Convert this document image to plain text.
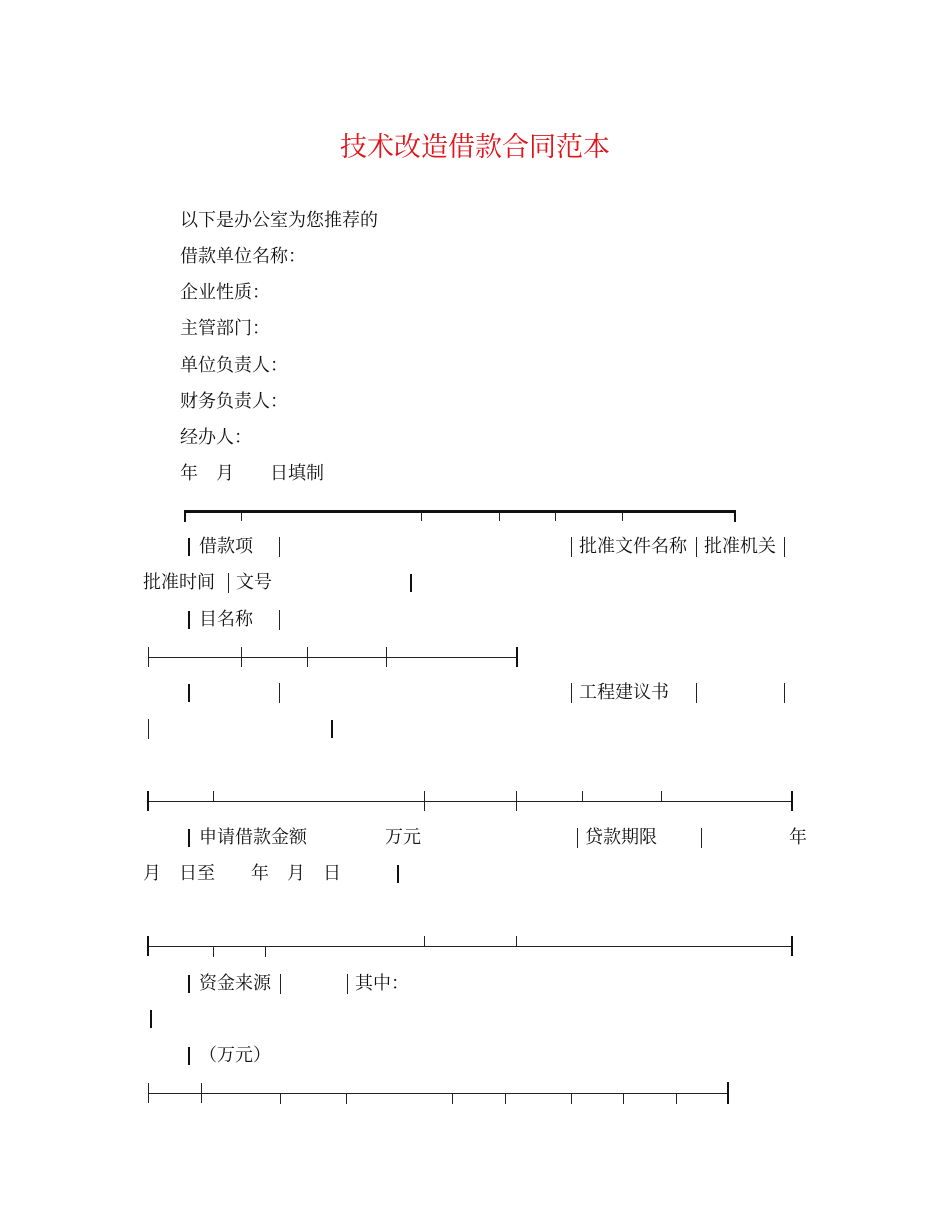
技术改造借款合同范本
以下是办公室为您推荐的
借款单位名称：
企业性质：
主管部门：
单位负责人：
财务负责人：
经办人：
年　月　　日填制
借款项	批准文件名称 批准机关
批准时间 文号
目名称
工程建议书
申请借款金额	万元	贷款期限	年
月　日至　　年　月　日
资金来源	其中：
（万元）
